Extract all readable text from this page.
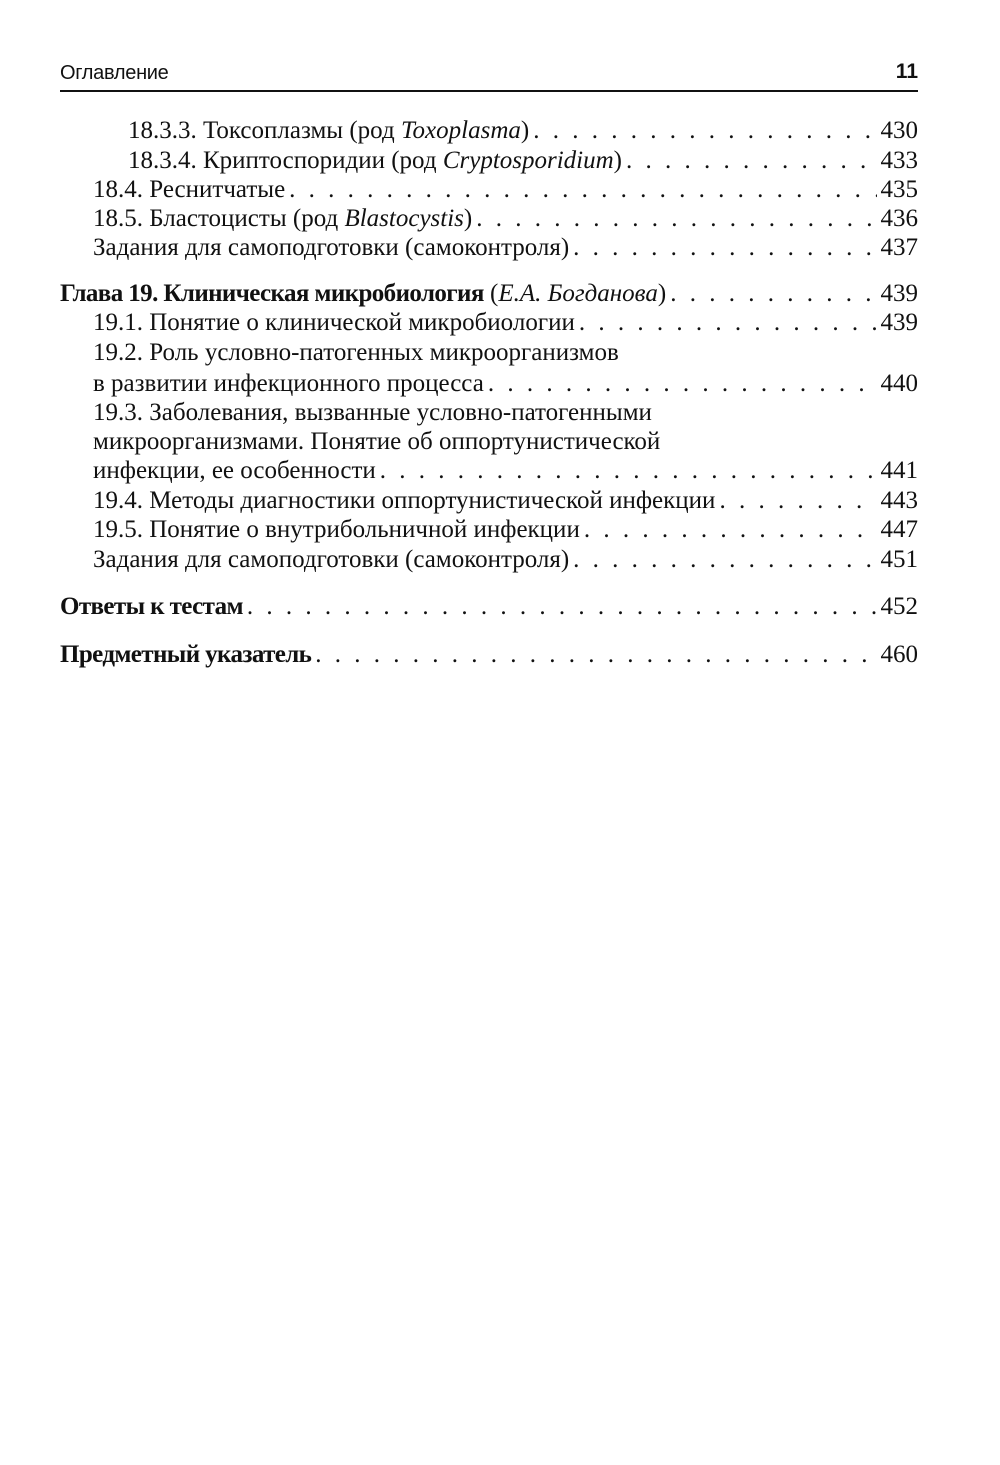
Оглавление	11
18.3.3. Токсоплазмы (род Toxoplasma) . . .	430
18.3.4. Криптоспоридии (род Cryptosporidium) . . .	433
18.4. Реснитчатые . . .	435
18.5. Бластоцисты (род Blastocystis) . . .	436
Задания для самоподготовки (самоконтроля) . . .	437
Глава 19. Клиническая микробиология (Е.А. Богданова) . . .	439
19.1. Понятие о клинической микробиологии . . .	439
19.2. Роль условно-патогенных микроорганизмов
в развитии инфекционного процесса . . .	440
19.3. Заболевания, вызванные условно-патогенными
микроорганизмами. Понятие об оппортунистической
инфекции, ее особенности . . .	441
19.4. Методы диагностики оппортунистической инфекции . . .	443
19.5. Понятие о внутрибольничной инфекции . . .	447
Задания для самоподготовки (самоконтроля) . . .	451
Ответы к тестам . . .	452
Предметный указатель . . .	460
